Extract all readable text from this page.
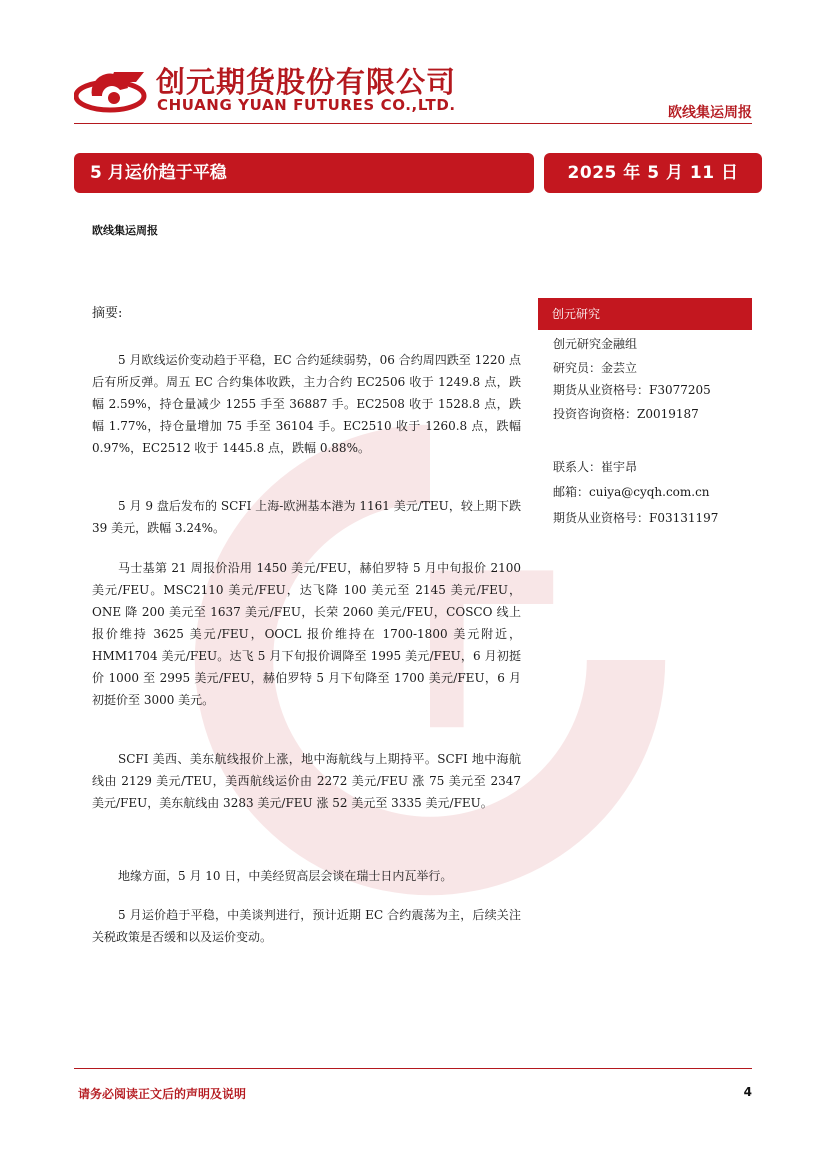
创元期货股份有限公司
CHUANG YUAN FUTURES CO.,LTD.	欧线集运周报
5 月运价趋于平稳	2025 年 5 月 11 日
欧线集运周报
摘要:

5 月欧线运价变动趋于平稳，EC 合约延续弱势，06 合约周四跌至 1220 点后有所反弹。周五 EC 合约集体收跌，主力合约 EC2506 收于 1249.8 点，跌幅 2.59%，持仓量减少 1255 手至 36887 手。EC2508 收于 1528.8 点，跌幅 1.77%，持仓量增加 75 手至 36104 手。EC2510 收于 1260.8 点，跌幅 0.97%，EC2512 收于 1445.8 点，跌幅 0.88%。

5 月 9 盘后发布的 SCFI 上海-欧洲基本港为 1161 美元/TEU，较上期下跌 39 美元，跌幅 3.24%。

马士基第 21 周报价沿用 1450 美元/FEU，赫伯罗特 5 月中旬报价 2100 美元/FEU。MSC2110 美元/FEU，达飞降 100 美元至 2145 美元/FEU，ONE 降 200 美元至 1637 美元/FEU，长荣 2060 美元/FEU，COSCO 线上报价维持 3625 美元/FEU，OOCL 报价维持在 1700-1800 美元附近，HMM1704 美元/FEU。达飞 5 月下旬报价调降至 1995 美元/FEU，6 月初挺价 1000 至 2995 美元/FEU，赫伯罗特 5 月下旬降至 1700 美元/FEU，6 月初挺价至 3000 美元。

SCFI 美西、美东航线报价上涨，地中海航线与上期持平。SCFI 地中海航线由 2129 美元/TEU，美西航线运价由 2272 美元/FEU 涨 75 美元至 2347 美元/FEU，美东航线由 3283 美元/FEU 涨 52 美元至 3335 美元/FEU。

地缘方面，5 月 10 日，中美经贸高层会谈在瑞士日内瓦举行。

5 月运价趋于平稳，中美谈判进行，预计近期 EC 合约震荡为主，后续关注关税政策是否缓和以及运价变动。

创元研究
创元研究金融组
研究员：金芸立
期货从业资格号：F3077205
投资咨询资格：Z0019187
联系人：崔宇昂
邮箱：cuiya@cyqh.com.cn
期货从业资格号：F03131197
请务必阅读正文后的声明及说明	4
